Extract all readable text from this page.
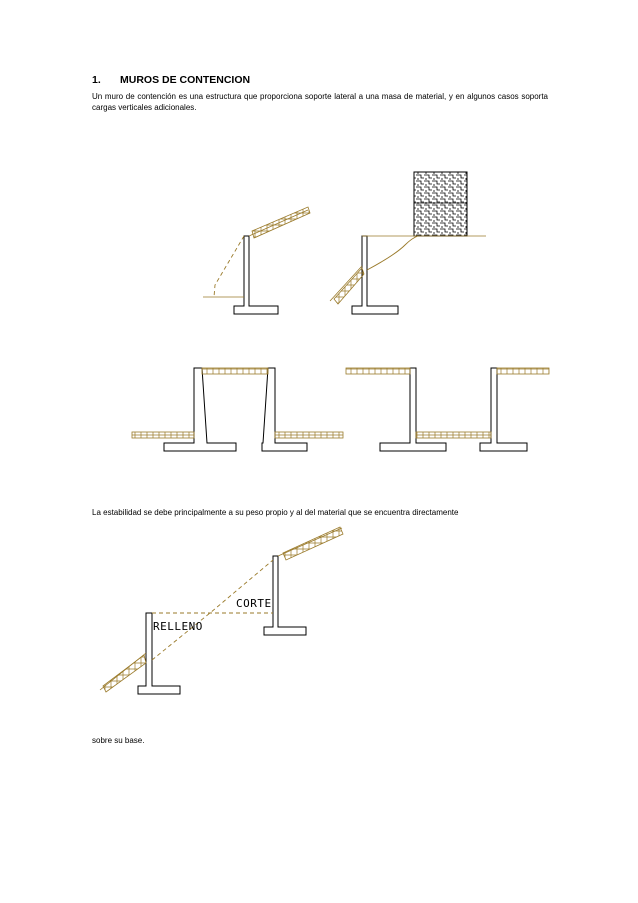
1. MUROS DE CONTENCION
Un muro de contención es una estructura que proporciona soporte lateral a una masa de material, y en algunos casos soporta cargas verticales adicionales.
RELLENO
CORTE
La estabilidad se debe principalmente a su peso propio y al del material que se encuentra directamente
sobre su base.
